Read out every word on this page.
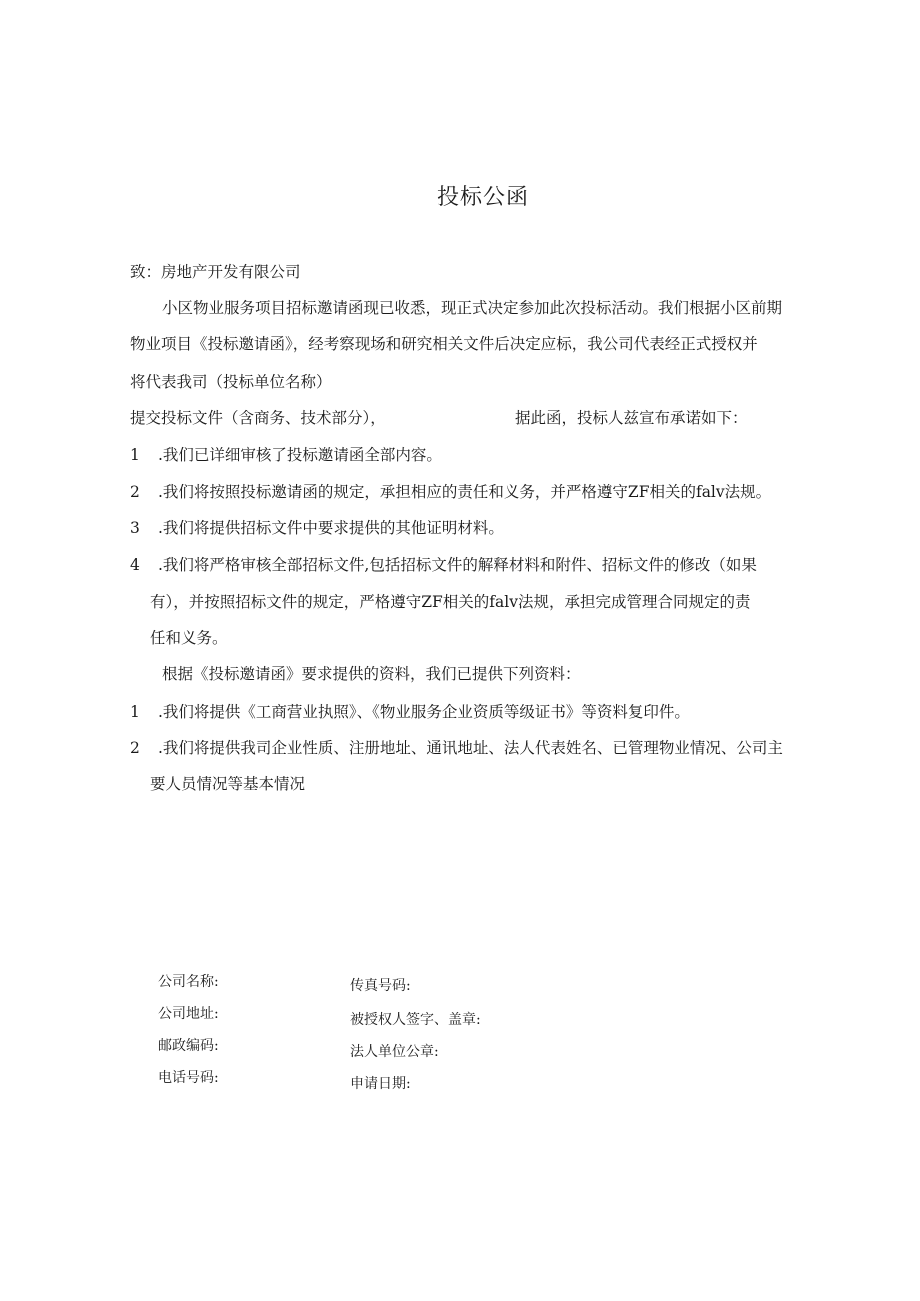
投标公函
致：房地产开发有限公司
小区物业服务项目招标邀请函现已收悉，现正式决定参加此次投标活动。我们根据小区前期
物业项目《投标邀请函》，经考察现场和研究相关文件后决定应标，我公司代表经正式授权并
将代表我司（投标单位名称）
提交投标文件（含商务、技术部分），	据此函，投标人兹宣布承诺如下：
1 .我们已详细审核了投标邀请函全部内容。
2 .我们将按照投标邀请函的规定，承担相应的责任和义务，并严格遵守ZF相关的falv法规。
3 .我们将提供招标文件中要求提供的其他证明材料。
4 .我们将严格审核全部招标文件,包括招标文件的解释材料和附件、招标文件的修改（如果
有），并按照招标文件的规定，严格遵守ZF相关的falv法规，承担完成管理合同规定的责
任和义务。
根据《投标邀请函》要求提供的资料，我们已提供下列资料：
1 .我们将提供《工商营业执照》、《物业服务企业资质等级证书》等资料复印件。
2 .我们将提供我司企业性质、注册地址、通讯地址、法人代表姓名、已管理物业情况、公司主
要人员情况等基本情况
公司名称:
公司地址:
邮政编码:
电话号码:
传真号码:
被授权人签字、盖章:
法人单位公章:
申请日期:
